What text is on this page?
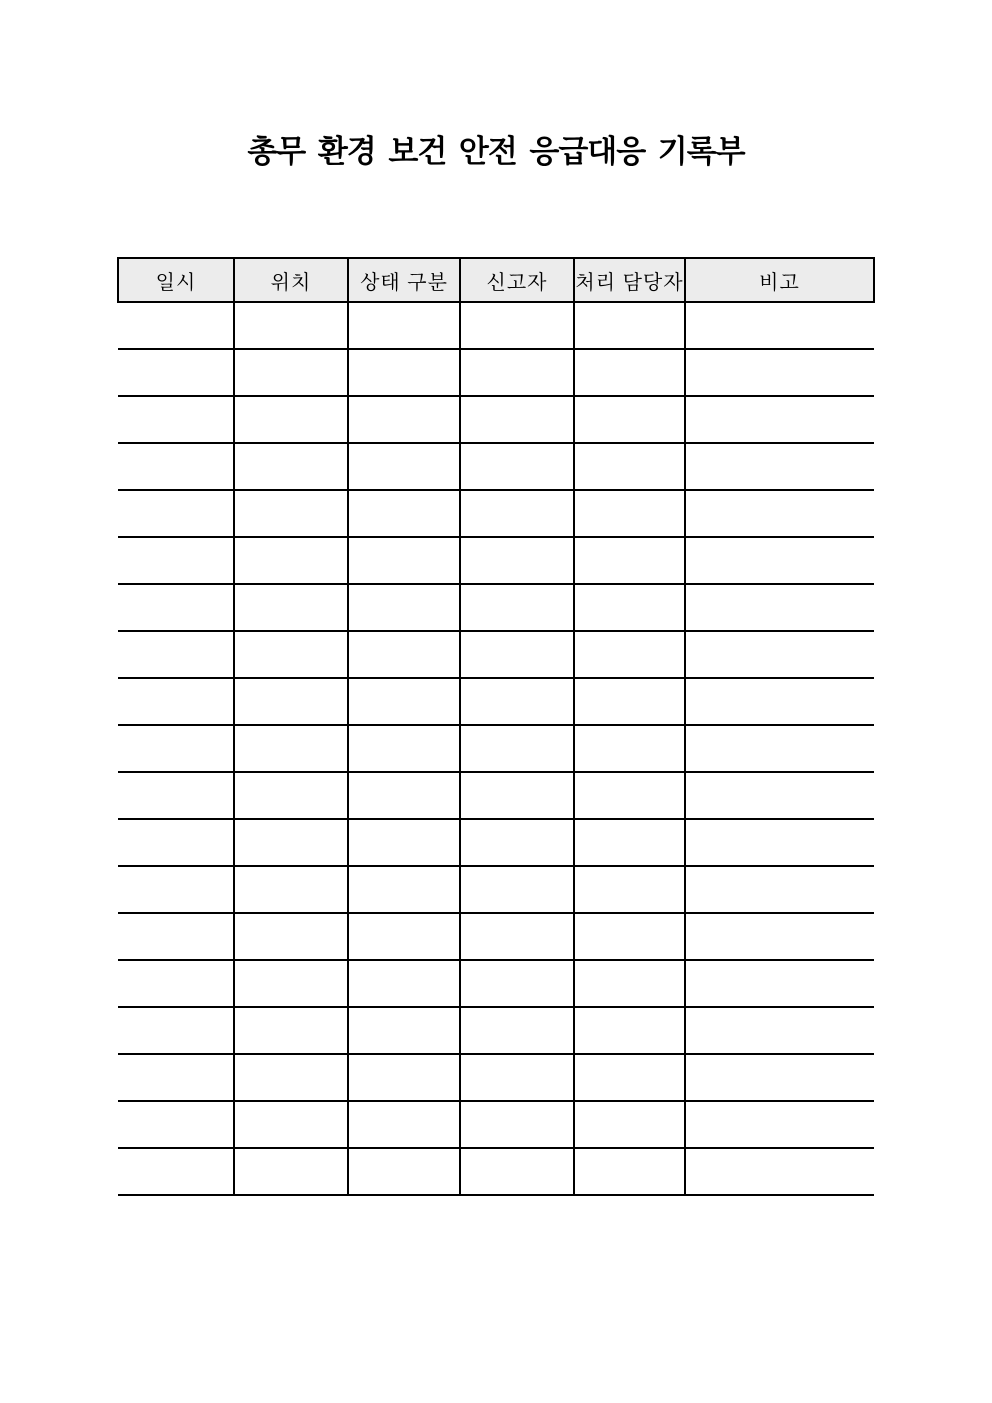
총무 환경 보건 안전 응급대응 기록부
일시	위치	상태 구분	신고자	처리 담당자	비고
